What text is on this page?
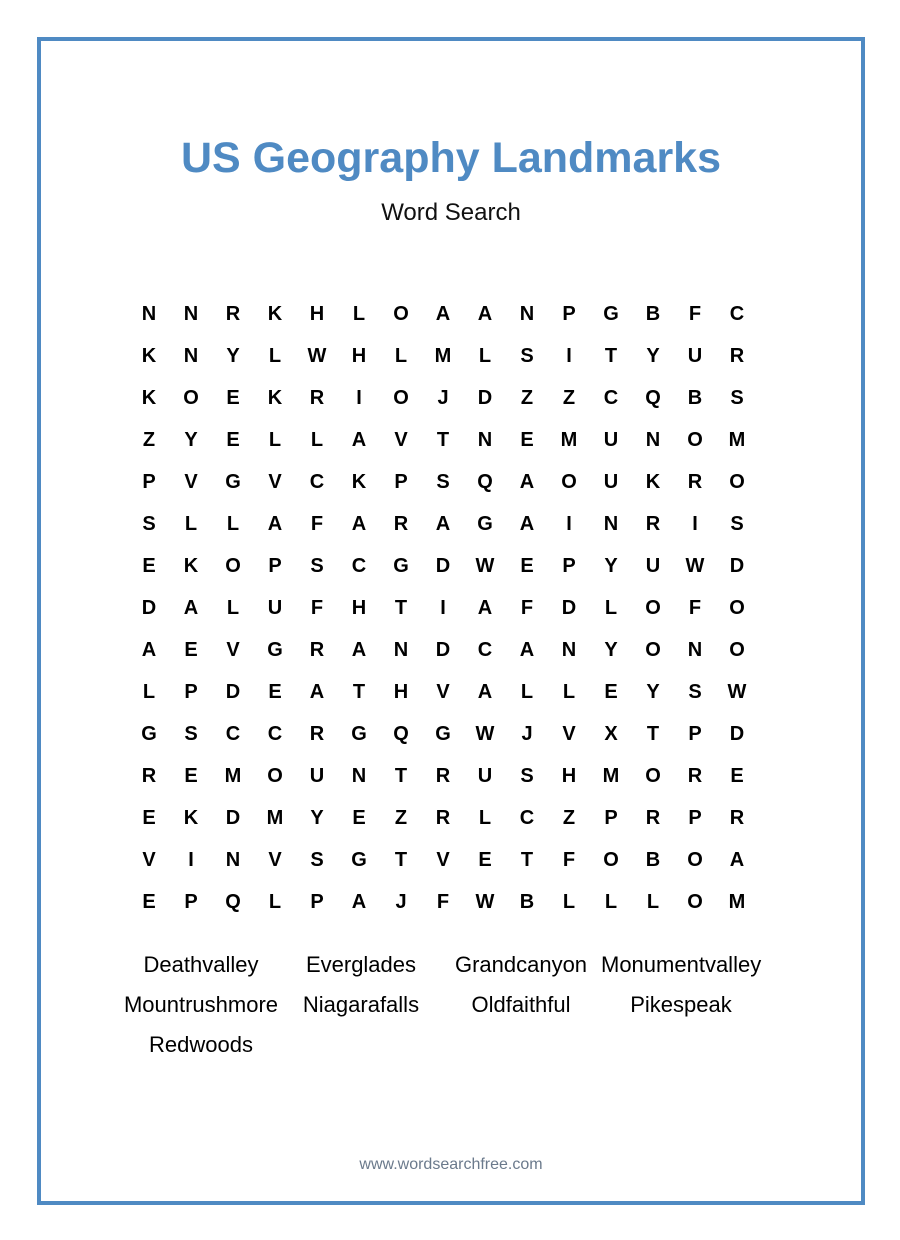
US Geography Landmarks
Word Search
N	N	R	K	H	L	O	A	A	N	P	G	B	F	C
K	N	Y	L	W	H	L	M	L	S	I	T	Y	U	R
K	O	E	K	R	I	O	J	D	Z	Z	C	Q	B	S
Z	Y	E	L	L	A	V	T	N	E	M	U	N	O	M
P	V	G	V	C	K	P	S	Q	A	O	U	K	R	O
S	L	L	A	F	A	R	A	G	A	I	N	R	I	S
E	K	O	P	S	C	G	D	W	E	P	Y	U	W	D
D	A	L	U	F	H	T	I	A	F	D	L	O	F	O
A	E	V	G	R	A	N	D	C	A	N	Y	O	N	O
L	P	D	E	A	T	H	V	A	L	L	E	Y	S	W
G	S	C	C	R	G	Q	G	W	J	V	X	T	P	D
R	E	M	O	U	N	T	R	U	S	H	M	O	R	E
E	K	D	M	Y	E	Z	R	L	C	Z	P	R	P	R
V	I	N	V	S	G	T	V	E	T	F	O	B	O	A
E	P	Q	L	P	A	J	F	W	B	L	L	L	O	M
Deathvalley	Everglades	Grandcanyon Monumentvalley
Mountrushmore	Niagarafalls	Oldfaithful	Pikespeak
Redwoods
www.wordsearchfree.com
